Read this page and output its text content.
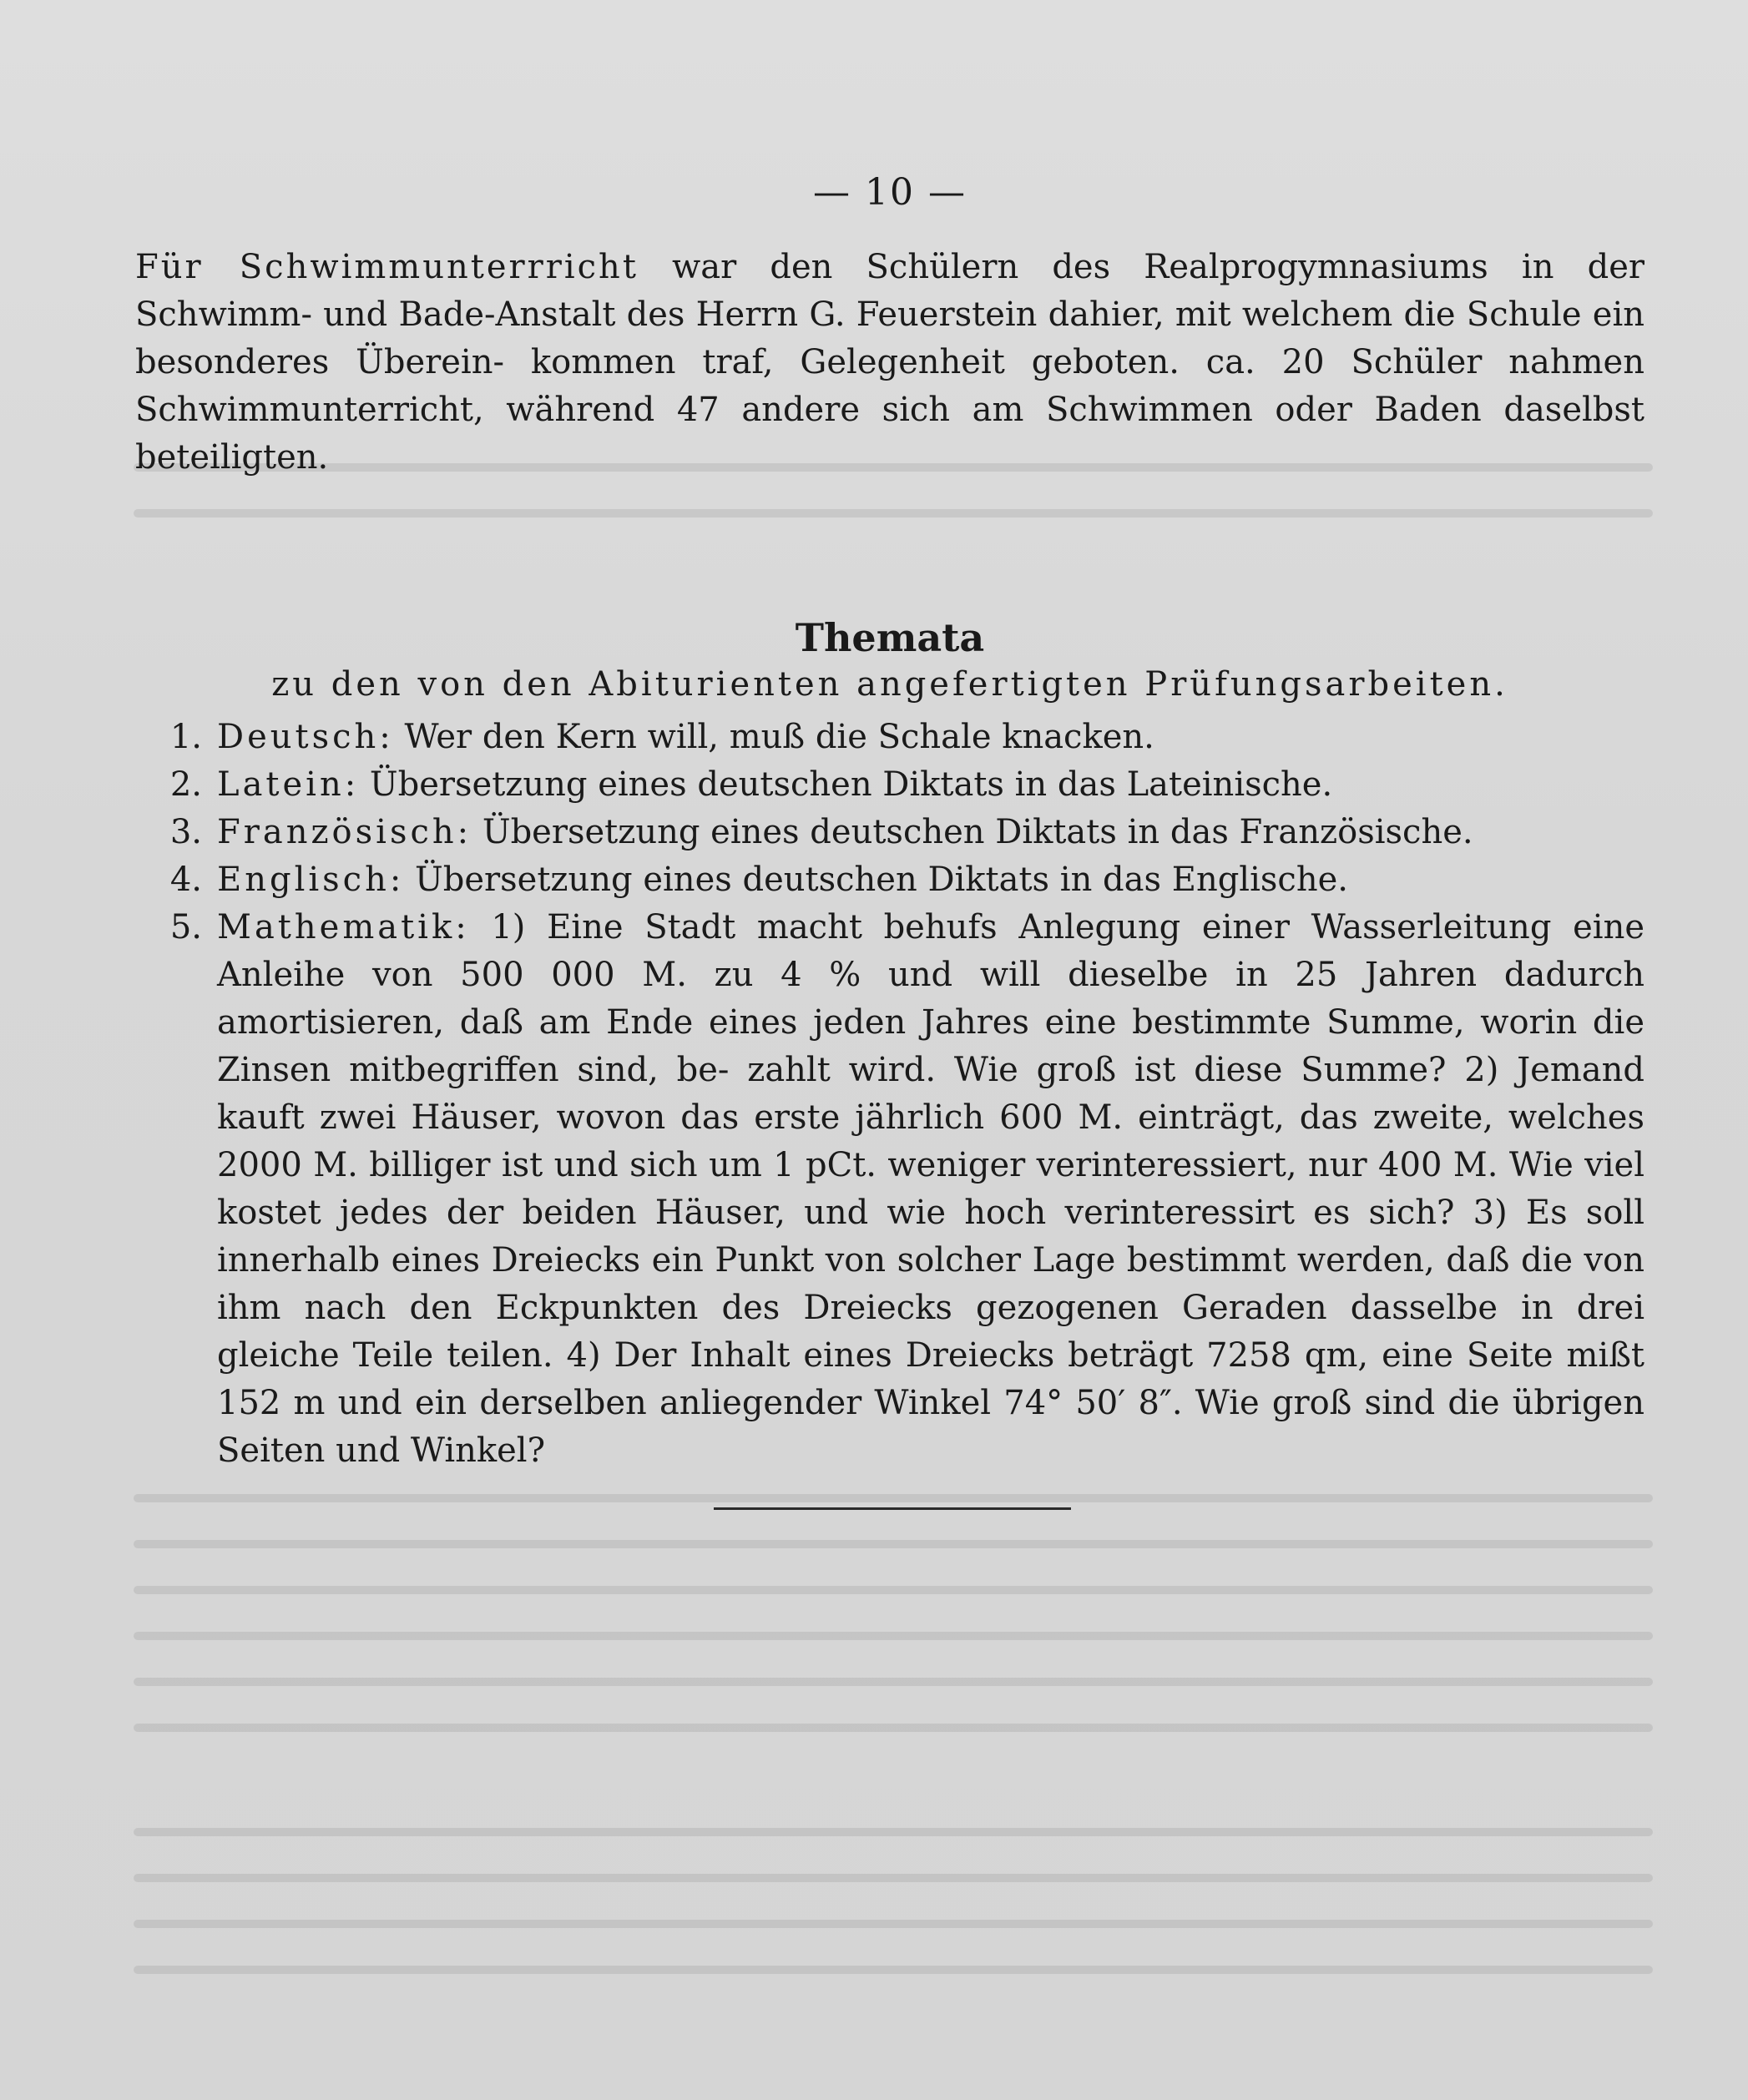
— 10 —

Für Schwimmunterrricht war den Schülern des Realprogymnasiums in der Schwimm- und Bade-Anstalt des Herrn G. Feuerstein dahier, mit welchem die Schule ein besonderes Überein- kommen traf, Gelegenheit geboten. ca. 20 Schüler nahmen Schwimmunterricht, während 47 andere sich am Schwimmen oder Baden daselbst beteiligten.

Themata
zu den von den Abiturienten angefertigten Prüfungsarbeiten.
1. Deutsch: Wer den Kern will, muß die Schale knacken.
2. Latein: Übersetzung eines deutschen Diktats in das Lateinische.
3. Französisch: Übersetzung eines deutschen Diktats in das Französische.
4. Englisch: Übersetzung eines deutschen Diktats in das Englische.
5. Mathematik: 1) Eine Stadt macht behufs Anlegung einer Wasserleitung eine Anleihe von 500 000 M. zu 4 % und will dieselbe in 25 Jahren dadurch amortisieren, daß am Ende eines jeden Jahres eine bestimmte Summe, worin die Zinsen mitbegriffen sind, be- zahlt wird. Wie groß ist diese Summe? 2) Jemand kauft zwei Häuser, wovon das erste jährlich 600 M. einträgt, das zweite, welches 2000 M. billiger ist und sich um 1 pCt. weniger verinteressiert, nur 400 M. Wie viel kostet jedes der beiden Häuser, und wie hoch verinteressirt es sich? 3) Es soll innerhalb eines Dreiecks ein Punkt von solcher Lage bestimmt werden, daß die von ihm nach den Eckpunkten des Dreiecks gezogenen Geraden dasselbe in drei gleiche Teile teilen. 4) Der Inhalt eines Dreiecks beträgt 7258 qm, eine Seite mißt 152 m und ein derselben anliegender Winkel 74° 50′ 8″. Wie groß sind die übrigen Seiten und Winkel?
